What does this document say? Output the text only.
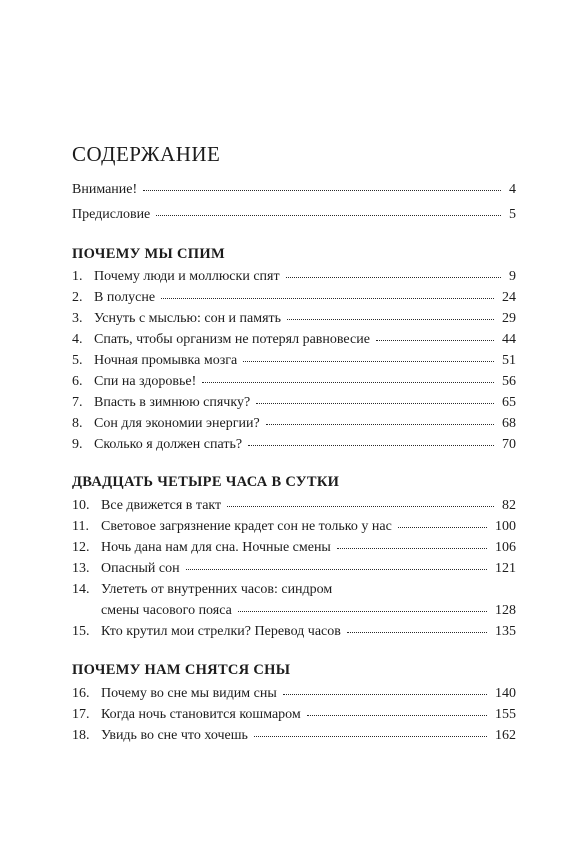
СОДЕРЖАНИЕ
Внимание!	4
Предисловие	5
ПОЧЕМУ МЫ СПИМ
1. Почему люди и моллюски спят	9
2. В полусне	24
3. Уснуть с мыслью: сон и память	29
4. Спать, чтобы организм не потерял равновесие	44
5. Ночная промывка мозга	51
6. Спи на здоровье!	56
7. Впасть в зимнюю спячку?	65
8. Сон для экономии энергии?	68
9. Сколько я должен спать?	70
ДВАДЦАТЬ ЧЕТЫРЕ ЧАСА В СУТКИ
10. Все движется в такт	82
11. Световое загрязнение крадет сон не только у нас	100
12. Ночь дана нам для сна. Ночные смены	106
13. Опасный сон	121
14. Улететь от внутренних часов: синдром
смены часового пояса	128
15. Кто крутил мои стрелки? Перевод часов	135
ПОЧЕМУ НАМ СНЯТСЯ СНЫ
16. Почему во сне мы видим сны	140
17. Когда ночь становится кошмаром	155
18. Увидь во сне что хочешь	162
